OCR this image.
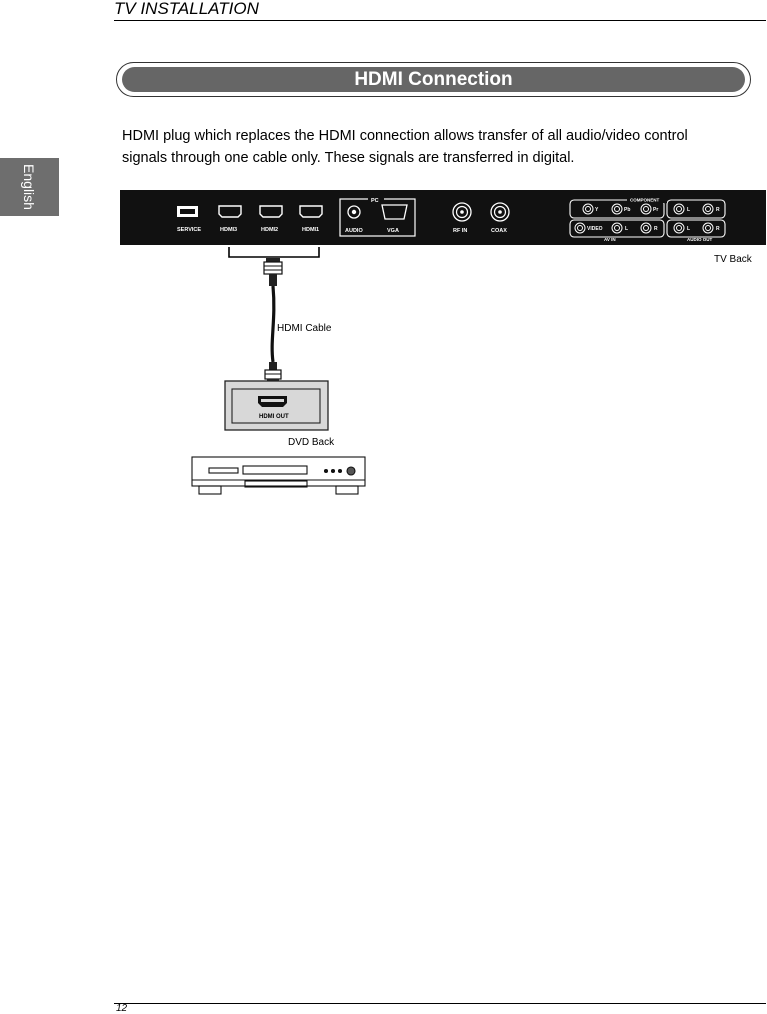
TV INSTALLATION
English
HDMI Connection

HDMI plug which replaces the HDMI connection allows transfer of all audio/video control

signals through one cable only. These signals are transferred in digital.

SERVICE	HDMI3	HDMI2	HDMI1
PC
AUDIO	VGA	RF IN	COAX
COMPONENT
Y	Pb	Pr	L	R
VIDEO	L	R	L	R
AV IN	AUDIO OUT
TV Back
HDMI Cable
HDMI OUT
DVD Back
12
